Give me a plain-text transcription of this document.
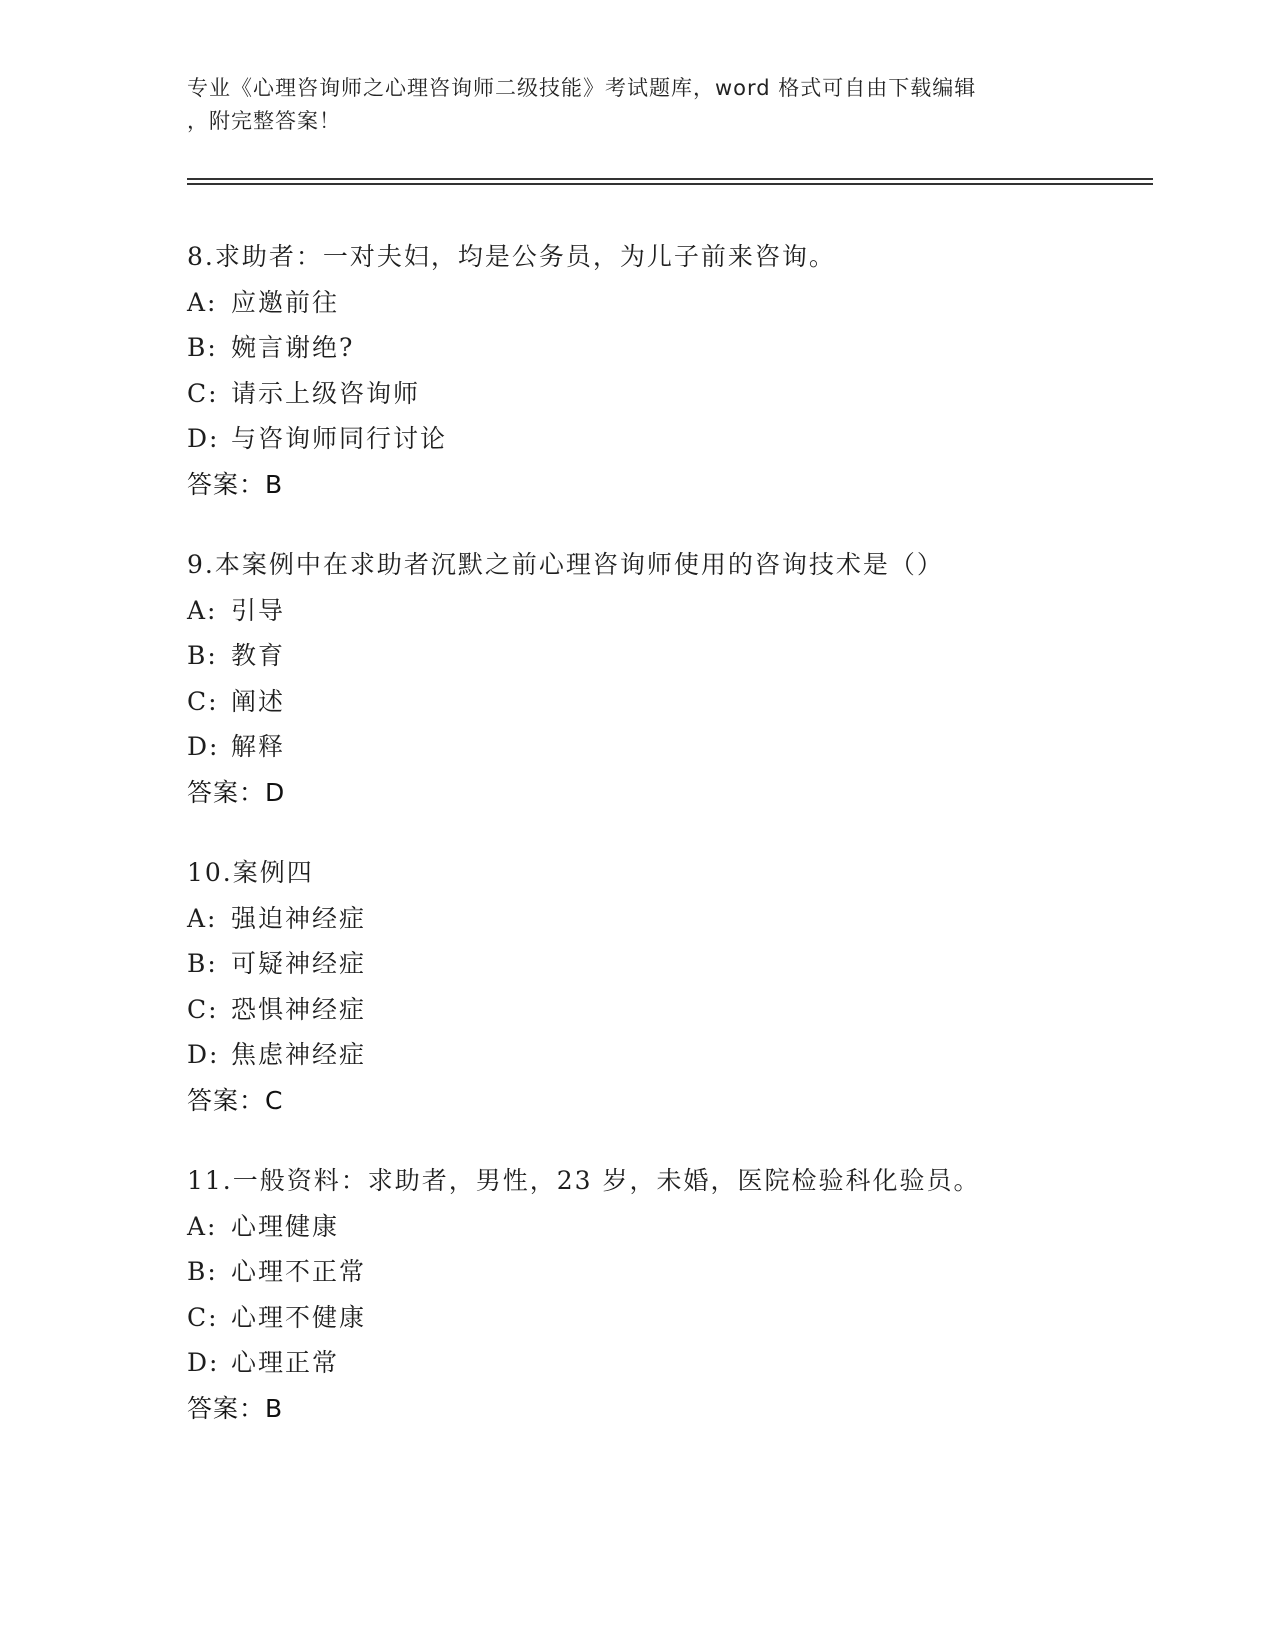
专业《心理咨询师之心理咨询师二级技能》考试题库，word 格式可自由下载编辑
，附完整答案！
8.求助者：一对夫妇，均是公务员，为儿子前来咨询。
A: 应邀前往
B: 婉言谢绝?
C: 请示上级咨询师
D: 与咨询师同行讨论
答案：B
9.本案例中在求助者沉默之前心理咨询师使用的咨询技术是（）
A: 引导
B: 教育
C: 阐述
D: 解释
答案：D
10.案例四
A: 强迫神经症
B: 可疑神经症
C: 恐惧神经症
D: 焦虑神经症
答案：C
11.一般资料：求助者，男性，23 岁，未婚，医院检验科化验员。
A: 心理健康
B: 心理不正常
C: 心理不健康
D: 心理正常
答案：B
